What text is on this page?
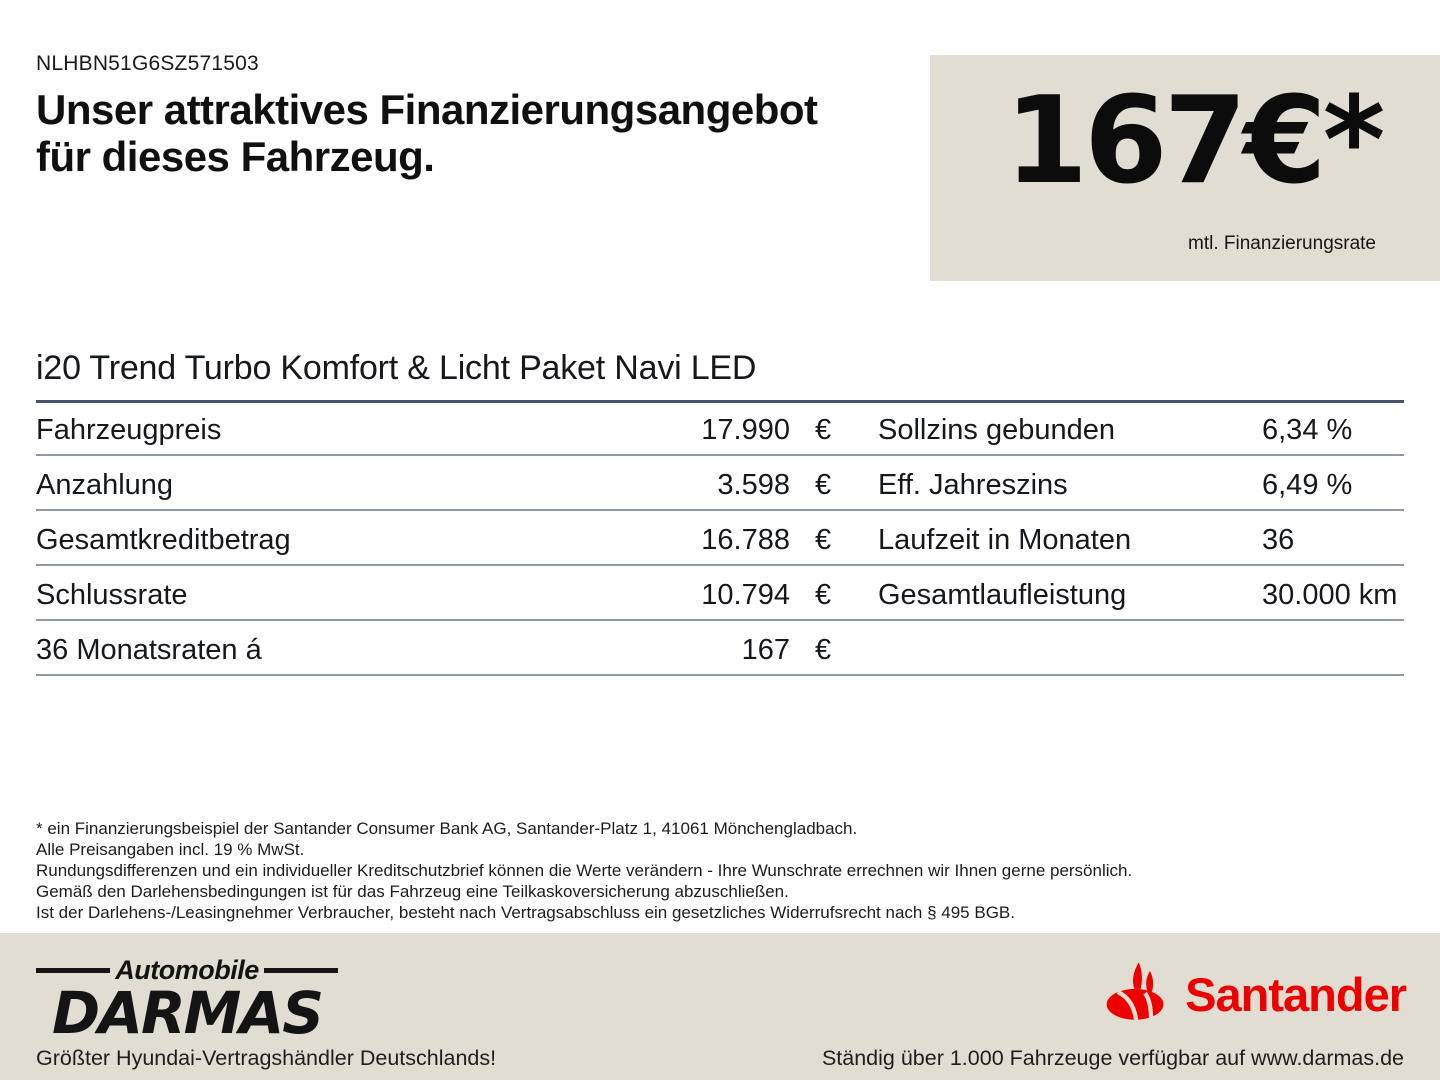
NLHBN51G6SZ571503
Unser attraktives Finanzierungsangebot
für dieses Fahrzeug.	167€*
mtl. Finanzierungsrate
i20 Trend Turbo Komfort & Licht Paket Navi LED
Fahrzeugpreis	17.990 €	Sollzins gebunden	6,34 %
Anzahlung	3.598 €	Eff. Jahreszins	6,49 %
Gesamtkreditbetrag	16.788 €	Laufzeit in Monaten	36
Schlussrate	10.794 €	Gesamtlaufleistung	30.000 km
36 Monatsraten á	167 €
* ein Finanzierungsbeispiel der Santander Consumer Bank AG, Santander-Platz 1, 41061 Mönchengladbach.
Alle Preisangaben incl. 19 % MwSt.
Rundungsdifferenzen und ein individueller Kreditschutzbrief können die Werte verändern - Ihre Wunschrate errechnen wir Ihnen gerne persönlich.
Gemäß den Darlehensbedingungen ist für das Fahrzeug eine Teilkaskoversicherung abzuschließen.
Ist der Darlehens-/Leasingnehmer Verbraucher, besteht nach Vertragsabschluss ein gesetzliches Widerrufsrecht nach § 495 BGB.
Automobile
DARMAS	Santander
Größter Hyundai-Vertragshändler Deutschlands!	Ständig über 1.000 Fahrzeuge verfügbar auf www.darmas.de
